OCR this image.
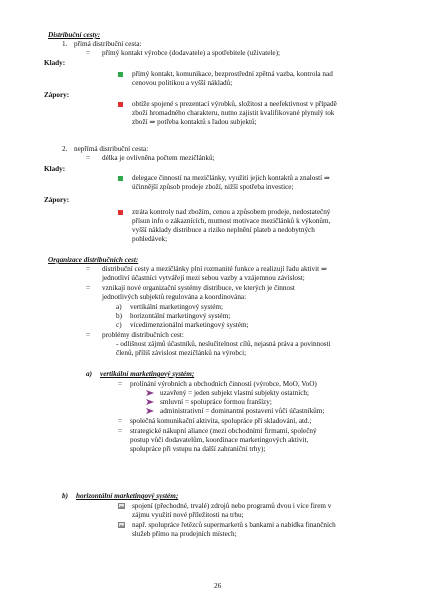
Distribuční cesty:
1. přímá distribuční cesta:
= přímý kontakt výrobce (dodavatele) a spotřebitele (uživatele);
Klady:
přímý kontakt, komunikace, bezprostřední zpětná vazba, kontrola nad
cenovou politikou a vyšší nákladů;
Zápory:
obtíže spojené s prezentací výrobků, složitost a neefektivnost v případě
zboží hromadného charakteru, nutno zajistit kvalifikované plynulý tok
zboží ⇒ potřeba kontaktů s řadou subjektů;
2. nepřímá distribuční cesta:
= délka je ovlivněna počtem mezičlánků;
Klady:
delegace činností na mezičlánky, využití jejich kontaktů a znalostí ⇒
účinnější způsob prodeje zboží, nižší spotřeba investice;
Zápory:
ztráta kontroly nad zbožím, cenou a způsobem prodeje, nedostatečný
přísun info o zákaznících, mutnost motivace mezičlánků k výkonům,
vyšší náklady distribuce a riziko neplnění plateb a nedobytných
pohledávek;
Organizace distribučních cest:
= distribuční cesty a mezičlánky plní rozmanité funkce a realizují řadu aktivit ⇒
jednotliví účastníci vytvářejí mezi sebou vazby a vzájemnou závislost;
= vznikají nové organizační systémy distribuce, ve kterých je činnost
jednotlivých subjektů regulována a koordinována:
a) vertikální marketingový systém;
b) horizontální marketingový systém;
c) vícedimenzionální marketingový systém;
= problémy distribučních cest:
- odlišnost zájmů účastníků, neslučitelnost cílů, nejasná práva a povinnosti
členů, příliš závislost mezičlánků na výrobci;
a) vertikální marketingový systém;
= prolínání výrobních a obchodních činností (výrobce, MoO, VoO)
uzavřený = jeden subjekt vlastní subjekty ostatních;
smluvní = spolupráce formou franšízy;
administrativní = dominantní postavení vůči účastníkům;
= společná komunikační aktivita, spolupráce při skladování, atd.;
= strategické nákupní aliance (mezi obchodními firmami, společný
postup vůči dodavatelům, koordinace marketingových aktivit,
spolupráce při vstupu na další zahraniční trhy);
b) horizontální marketingový systém;
spojení (přechodné, trvalé) zdrojů nebo programů dvou i více firem v
zájmu využití nové příležitosti na trhu;
např. spolupráce řetězců supermarketů s bankami a nabídka finančních
služeb přímo na prodejních místech;
26
